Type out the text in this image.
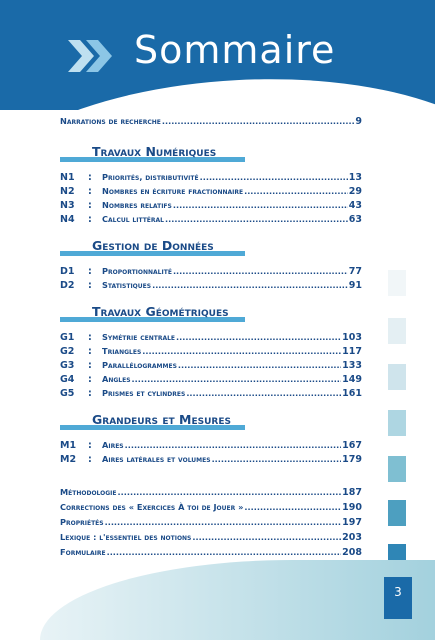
Sommaire
Narrations de recherche .....	9
Travaux Numériques
N1	:	Priorités, distributivité .....	13
N2	:	Nombres en écriture fractionnaire .....	29
N3	:	Nombres relatifs .....	43
N4	:	Calcul littéral .....	63
Gestion de Données
D1	:	Proportionnalité .....	77
D2	:	Statistiques .....	91
Travaux Géométriques
G1	:	Symétrie centrale .....	103
G2	:	Triangles .....	117
G3	:	Parallélogrammes .....	133
G4	:	Angles .....	149
G5	:	Prismes et cylindres .....	161
Grandeurs et Mesures
M1	:	Aires .....	167
M2	:	Aires latérales et volumes .....	179
Méthodologie .....	187
Corrections des « Exercices À toi de Jouer » .....	190
Propriétés .....	197
Lexique : l'essentiel des notions .....	203
Formulaire .....	208
3
